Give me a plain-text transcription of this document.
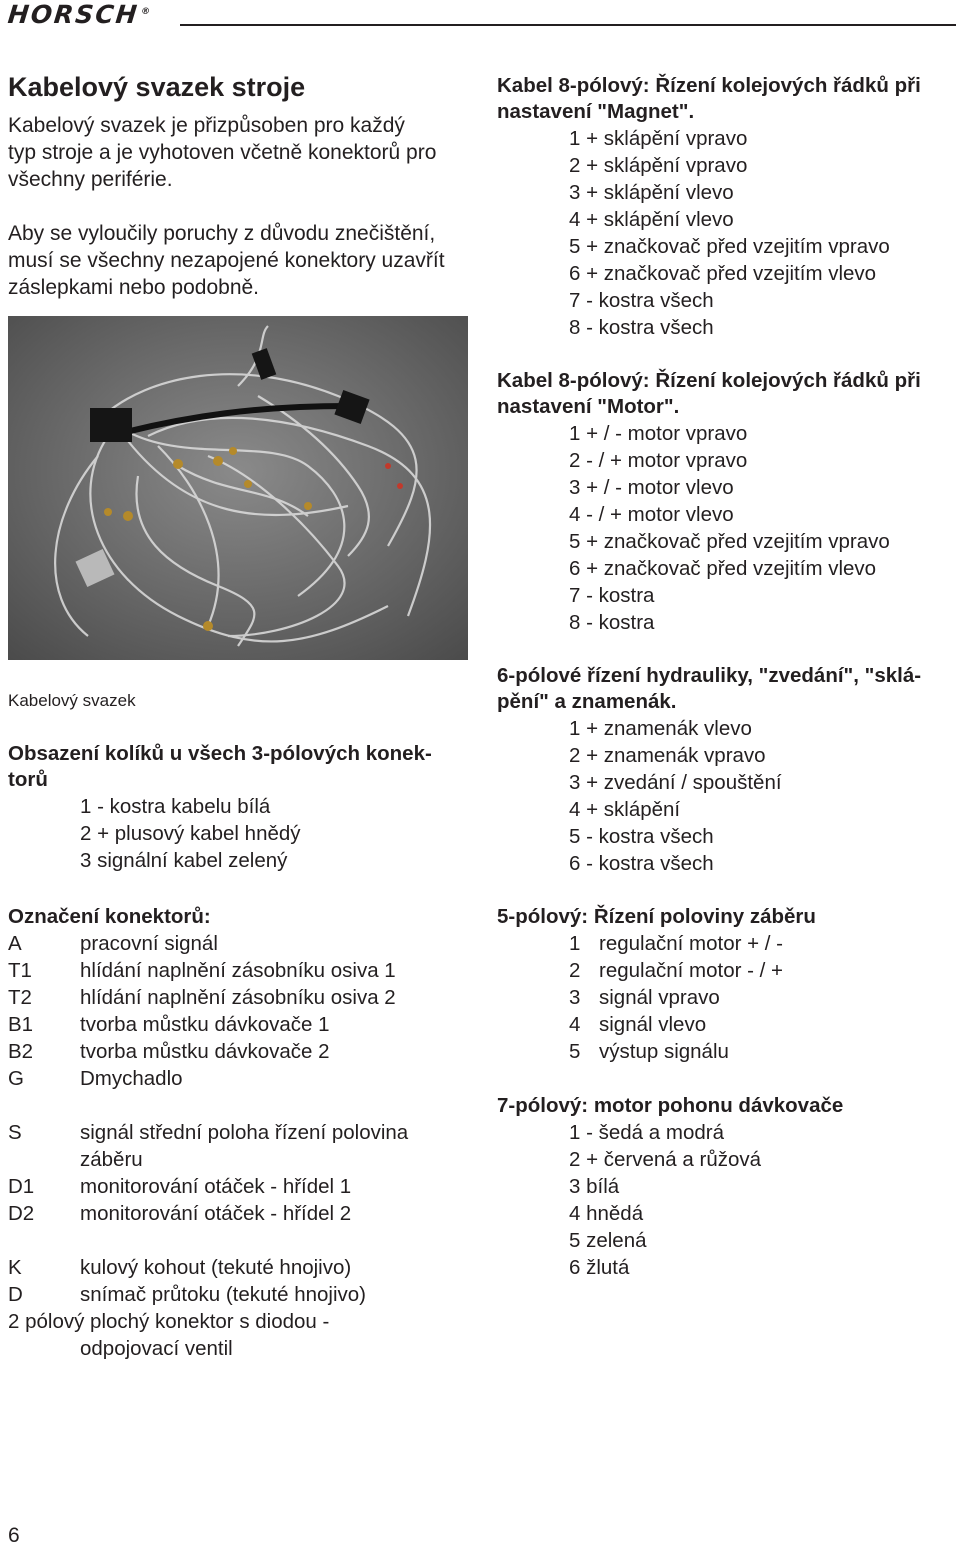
HORSCH®

Kabelový svazek stroje

Kabelový svazek je přizpůsoben pro každý

typ stroje a je vyhotoven včetně konektorů pro

všechny periférie.

Aby se vyloučily poruchy z důvodu znečištění,

musí se všechny nezapojené konektory uzavřít

záslepkami nebo podobně.

Kabelový svazek

Obsazení kolíků u všech 3-pólových konek-

torů

1 - kostra kabelu bílá

2 + plusový kabel hnědý

3 signální kabel zelený

Označení konektorů:

A	pracovní signál
T1	hlídání naplnění zásobníku osiva 1
T2	hlídání naplnění zásobníku osiva 2
B1	tvorba můstku dávkovače 1
B2	tvorba můstku dávkovače 2
G	Dmychadlo
S	signál střední poloha řízení polovina záběru
D1	monitorování otáček - hřídel 1
D2	monitorování otáček - hřídel 2
K	kulový kohout (tekuté hnojivo)
D	snímač průtoku (tekuté hnojivo)

2 pólový plochý konektor s diodou -

odpojovací ventil

Kabel 8-pólový: Řízení kolejových řádků při

nastavení "Magnet".

1 + sklápění vpravo

2 + sklápění vpravo

3 + sklápění vlevo

4 + sklápění vlevo

5 + značkovač před vzejitím vpravo

6 + značkovač před vzejitím vlevo

7 - kostra všech

8 - kostra všech

Kabel 8-pólový: Řízení kolejových řádků při

nastavení "Motor".

1 + / - motor vpravo

2 - / + motor vpravo

3 + / - motor vlevo

4 - / + motor vlevo

5 + značkovač před vzejitím vpravo

6 + značkovač před vzejitím vlevo

7 - kostra

8 - kostra

6-pólové řízení hydrauliky, "zvedání", "sklá-

pění" a znamenák.

1 + znamenák vlevo

2 + znamenák vpravo

3 + zvedání / spouštění

4 + sklápění

5 - kostra všech

6 - kostra všech

5-pólový: Řízení poloviny záběru

1 regulační motor + / -
2 regulační motor - / +
3 signál vpravo
4 signál vlevo
5 výstup signálu

7-pólový: motor pohonu dávkovače

1 - šedá a modrá

2 + červená a růžová

3 bílá

4 hnědá

5 zelená

6 žlutá

6
